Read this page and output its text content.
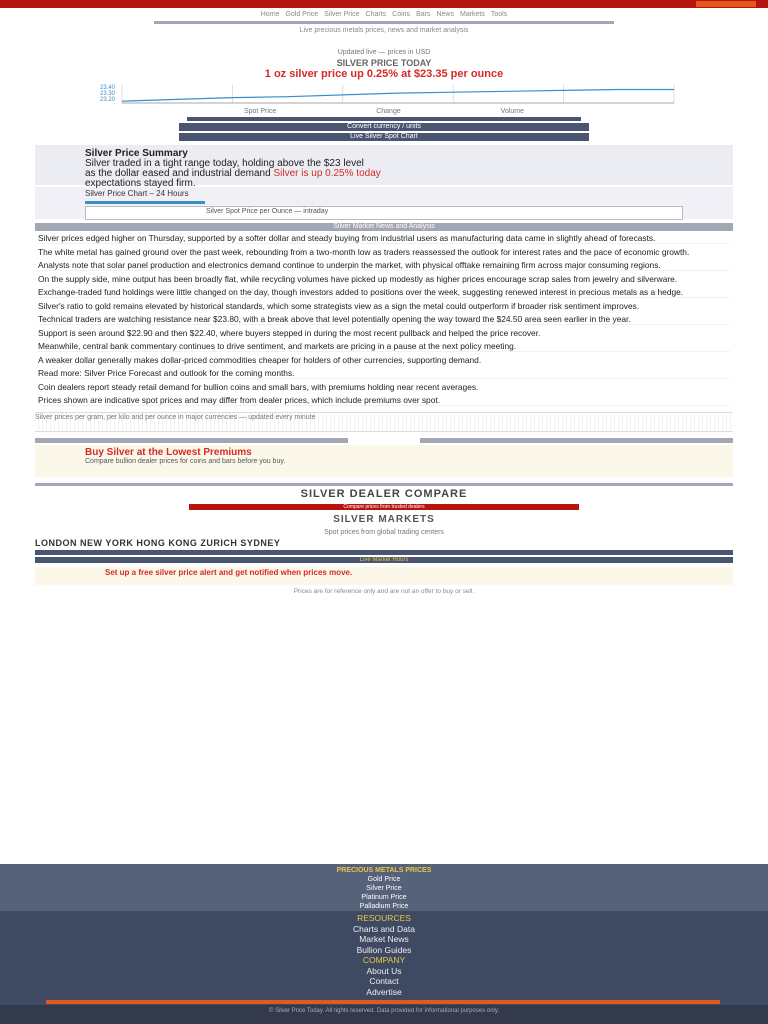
Home Gold Price Silver Price Charts Coins Bars News Markets Tools
Live precious metals prices, news and market analysis
Updated live — prices in USD
SILVER PRICE TODAY
1 oz silver price up 0.25% at $23.35 per ounce
23.40
23.30
23.20
Spot Price	Change	Volume
Convert currency / units
Live Silver Spot Chart
Silver Price Summary
Silver traded in a tight range today, holding above the $23 level
as the dollar eased and industrial demand Silver is up 0.25% today
expectations stayed firm.
Silver Price Chart – 24 Hours
Silver Spot Price per Ounce — intraday
Silver Market News and Analysis

Silver prices edged higher on Thursday, supported by a softer dollar and steady buying from industrial users as manufacturing data came in slightly ahead of forecasts.

The white metal has gained ground over the past week, rebounding from a two-month low as traders reassessed the outlook for interest rates and the pace of economic growth.

Analysts note that solar panel production and electronics demand continue to underpin the market, with physical offtake remaining firm across major consuming regions.

On the supply side, mine output has been broadly flat, while recycling volumes have picked up modestly as higher prices encourage scrap sales from jewelry and silverware.

Exchange-traded fund holdings were little changed on the day, though investors added to positions over the week, suggesting renewed interest in precious metals as a hedge.

Silver's ratio to gold remains elevated by historical standards, which some strategists view as a sign the metal could outperform if broader risk sentiment improves.

Technical traders are watching resistance near $23.80, with a break above that level potentially opening the way toward the $24.50 area seen earlier in the year.

Support is seen around $22.90 and then $22.40, where buyers stepped in during the most recent pullback and helped the price recover.

Meanwhile, central bank commentary continues to drive sentiment, and markets are pricing in a pause at the next policy meeting.

A weaker dollar generally makes dollar-priced commodities cheaper for holders of other currencies, supporting demand.

Read more: Silver Price Forecast and outlook for the coming months.

Coin dealers report steady retail demand for bullion coins and small bars, with premiums holding near recent averages.

Prices shown are indicative spot prices and may differ from dealer prices, which include premiums over spot.

Silver prices per gram, per kilo and per ounce in major currencies — updated every minute
Buy Silver at the Lowest Premiums
Compare bullion dealer prices for coins and bars before you buy.
SILVER DEALER COMPARE
Compare prices from trusted dealers
SILVER MARKETS
Spot prices from global trading centers
LONDON NEW YORK HONG KONG ZURICH SYDNEY
Live Market Hours
Set up a free silver price alert and get notified when prices move.
Prices are for reference only and are not an offer to buy or sell.
PRECIOUS METALS PRICES
Gold Price
Silver Price
Platinum Price
Palladium Price
RESOURCES
Charts and Data
Market News
Bullion Guides
COMPANY
About Us
Contact
Advertise
© Silver Price Today. All rights reserved. Data provided for informational purposes only.
